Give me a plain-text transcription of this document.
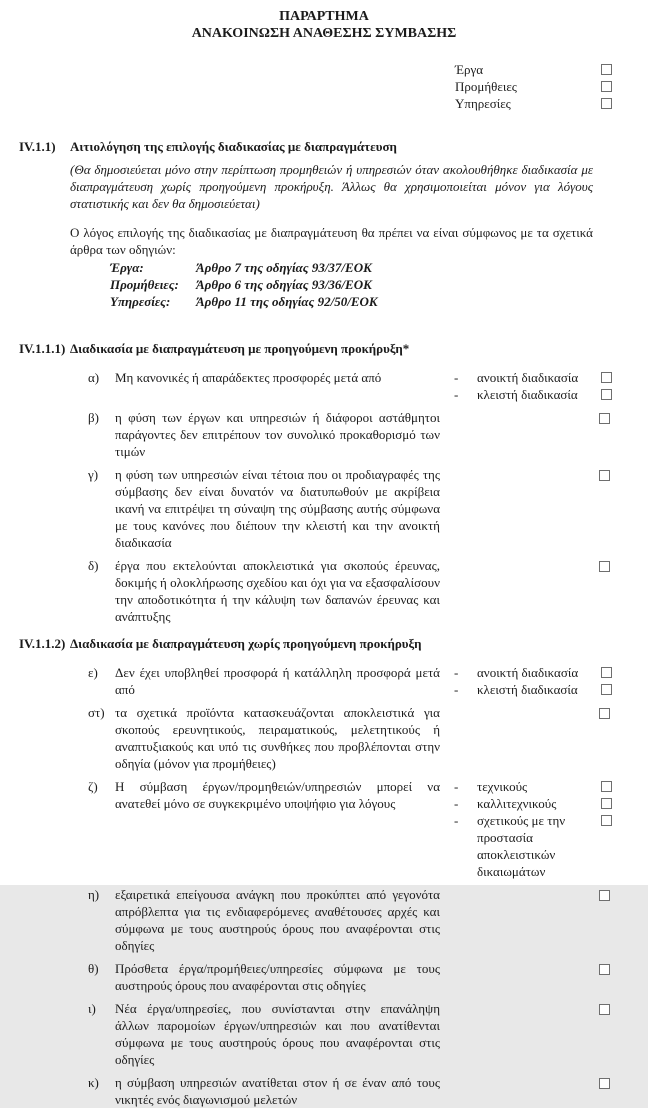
ΠΑΡΑΡΤΗΜΑ
ΑΝΑΚΟΙΝΩΣΗ ΑΝΑΘΕΣΗΣ ΣΥΜΒΑΣΗΣ
Έργα
Προμήθειες
Υπηρεσίες
IV.1.1)	Αιτιολόγηση της επιλογής διαδικασίας με διαπραγμάτευση
(Θα δημοσιεύεται μόνο στην περίπτωση προμηθειών ή υπηρεσιών όταν ακολουθήθηκε διαδικασία με διαπραγμάτευση χωρίς προηγούμενη προκήρυξη. Άλλως θα χρησιμοποιείται μόνον για λόγους στατιστικής και δεν θα δημοσιεύεται)
Ο λόγος επιλογής της διαδικασίας με διαπραγμάτευση θα πρέπει να είναι σύμφωνος με τα σχετικά άρθρα των οδηγιών:
Έργα:	Άρθρο 7 της οδηγίας 93/37/ΕΟΚ
Προμήθειες:	Άρθρο 6 της οδηγίας 93/36/ΕΟΚ
Υπηρεσίες:	Άρθρο 11 της οδηγίας 92/50/ΕΟΚ
IV.1.1.1) Διαδικασία με διαπραγμάτευση με προηγούμενη προκήρυξη*
α)	Μη κανονικές ή απαράδεκτες προσφορές μετά από	-	ανοικτή διαδικασία
-	κλειστή διαδικασία
β)	η φύση των έργων και υπηρεσιών ή διάφοροι αστάθμητοι παράγοντες δεν επιτρέπουν τον συνολικό προκαθορισμό των τιμών
γ)	η φύση των υπηρεσιών είναι τέτοια που οι προδιαγραφές της σύμβασης δεν είναι δυνατόν να διατυπωθούν με ακρίβεια ικανή να επιτρέψει τη σύναψη της σύμβασης αυτής σύμφωνα με τους κανόνες που διέπουν την κλειστή και την ανοικτή διαδικασία
δ)	έργα που εκτελούνται αποκλειστικά για σκοπούς έρευνας, δοκιμής ή ολοκλήρωσης σχεδίου και όχι για να εξασφαλίσουν την αποδοτικότητα ή την κάλυψη των δαπανών έρευνας και ανάπτυξης
IV.1.1.2) Διαδικασία με διαπραγμάτευση χωρίς προηγούμενη προκήρυξη
ε)	Δεν έχει υποβληθεί προσφορά ή κατάλληλη προσφορά μετά από
-	ανοικτή διαδικασία
-	κλειστή διαδικασία
στ) τα σχετικά προϊόντα κατασκευάζονται αποκλειστικά για σκοπούς ερευνητικούς, πειραματικούς, μελετητικούς ή αναπτυξιακούς και υπό τις συνθήκες που προβλέπονται στην οδηγία (μόνον για προμήθειες)
ζ)	Η σύμβαση έργων/προμηθειών/υπηρεσιών μπορεί να ανατεθεί μόνο σε συγκεκριμένο υποψήφιο για λόγους
-	τεχνικούς
-	καλλιτεχνικούς
-	σχετικούς με την προστασία αποκλειστικών δικαιωμάτων
η)	εξαιρετικά επείγουσα ανάγκη που προκύπτει από γεγονότα απρόβλεπτα για τις ενδιαφερόμενες αναθέτουσες αρχές και σύμφωνα με τους αυστηρούς όρους που αναφέρονται στις οδηγίες
θ)	Πρόσθετα έργα/προμήθειες/υπηρεσίες σύμφωνα με τους αυστηρούς όρους που αναφέρονται στις οδηγίες
ι)	Νέα έργα/υπηρεσίες, που συνίστανται στην επανάληψη άλλων παρομοίων έργων/υπηρεσιών και που ανατίθενται σύμφωνα με τους αυστηρούς όρους που αναφέρονται στις οδηγίες
κ)	η σύμβαση υπηρεσιών ανατίθεται στον ή σε έναν από τους νικητές ενός διαγωνισμού μελετών
